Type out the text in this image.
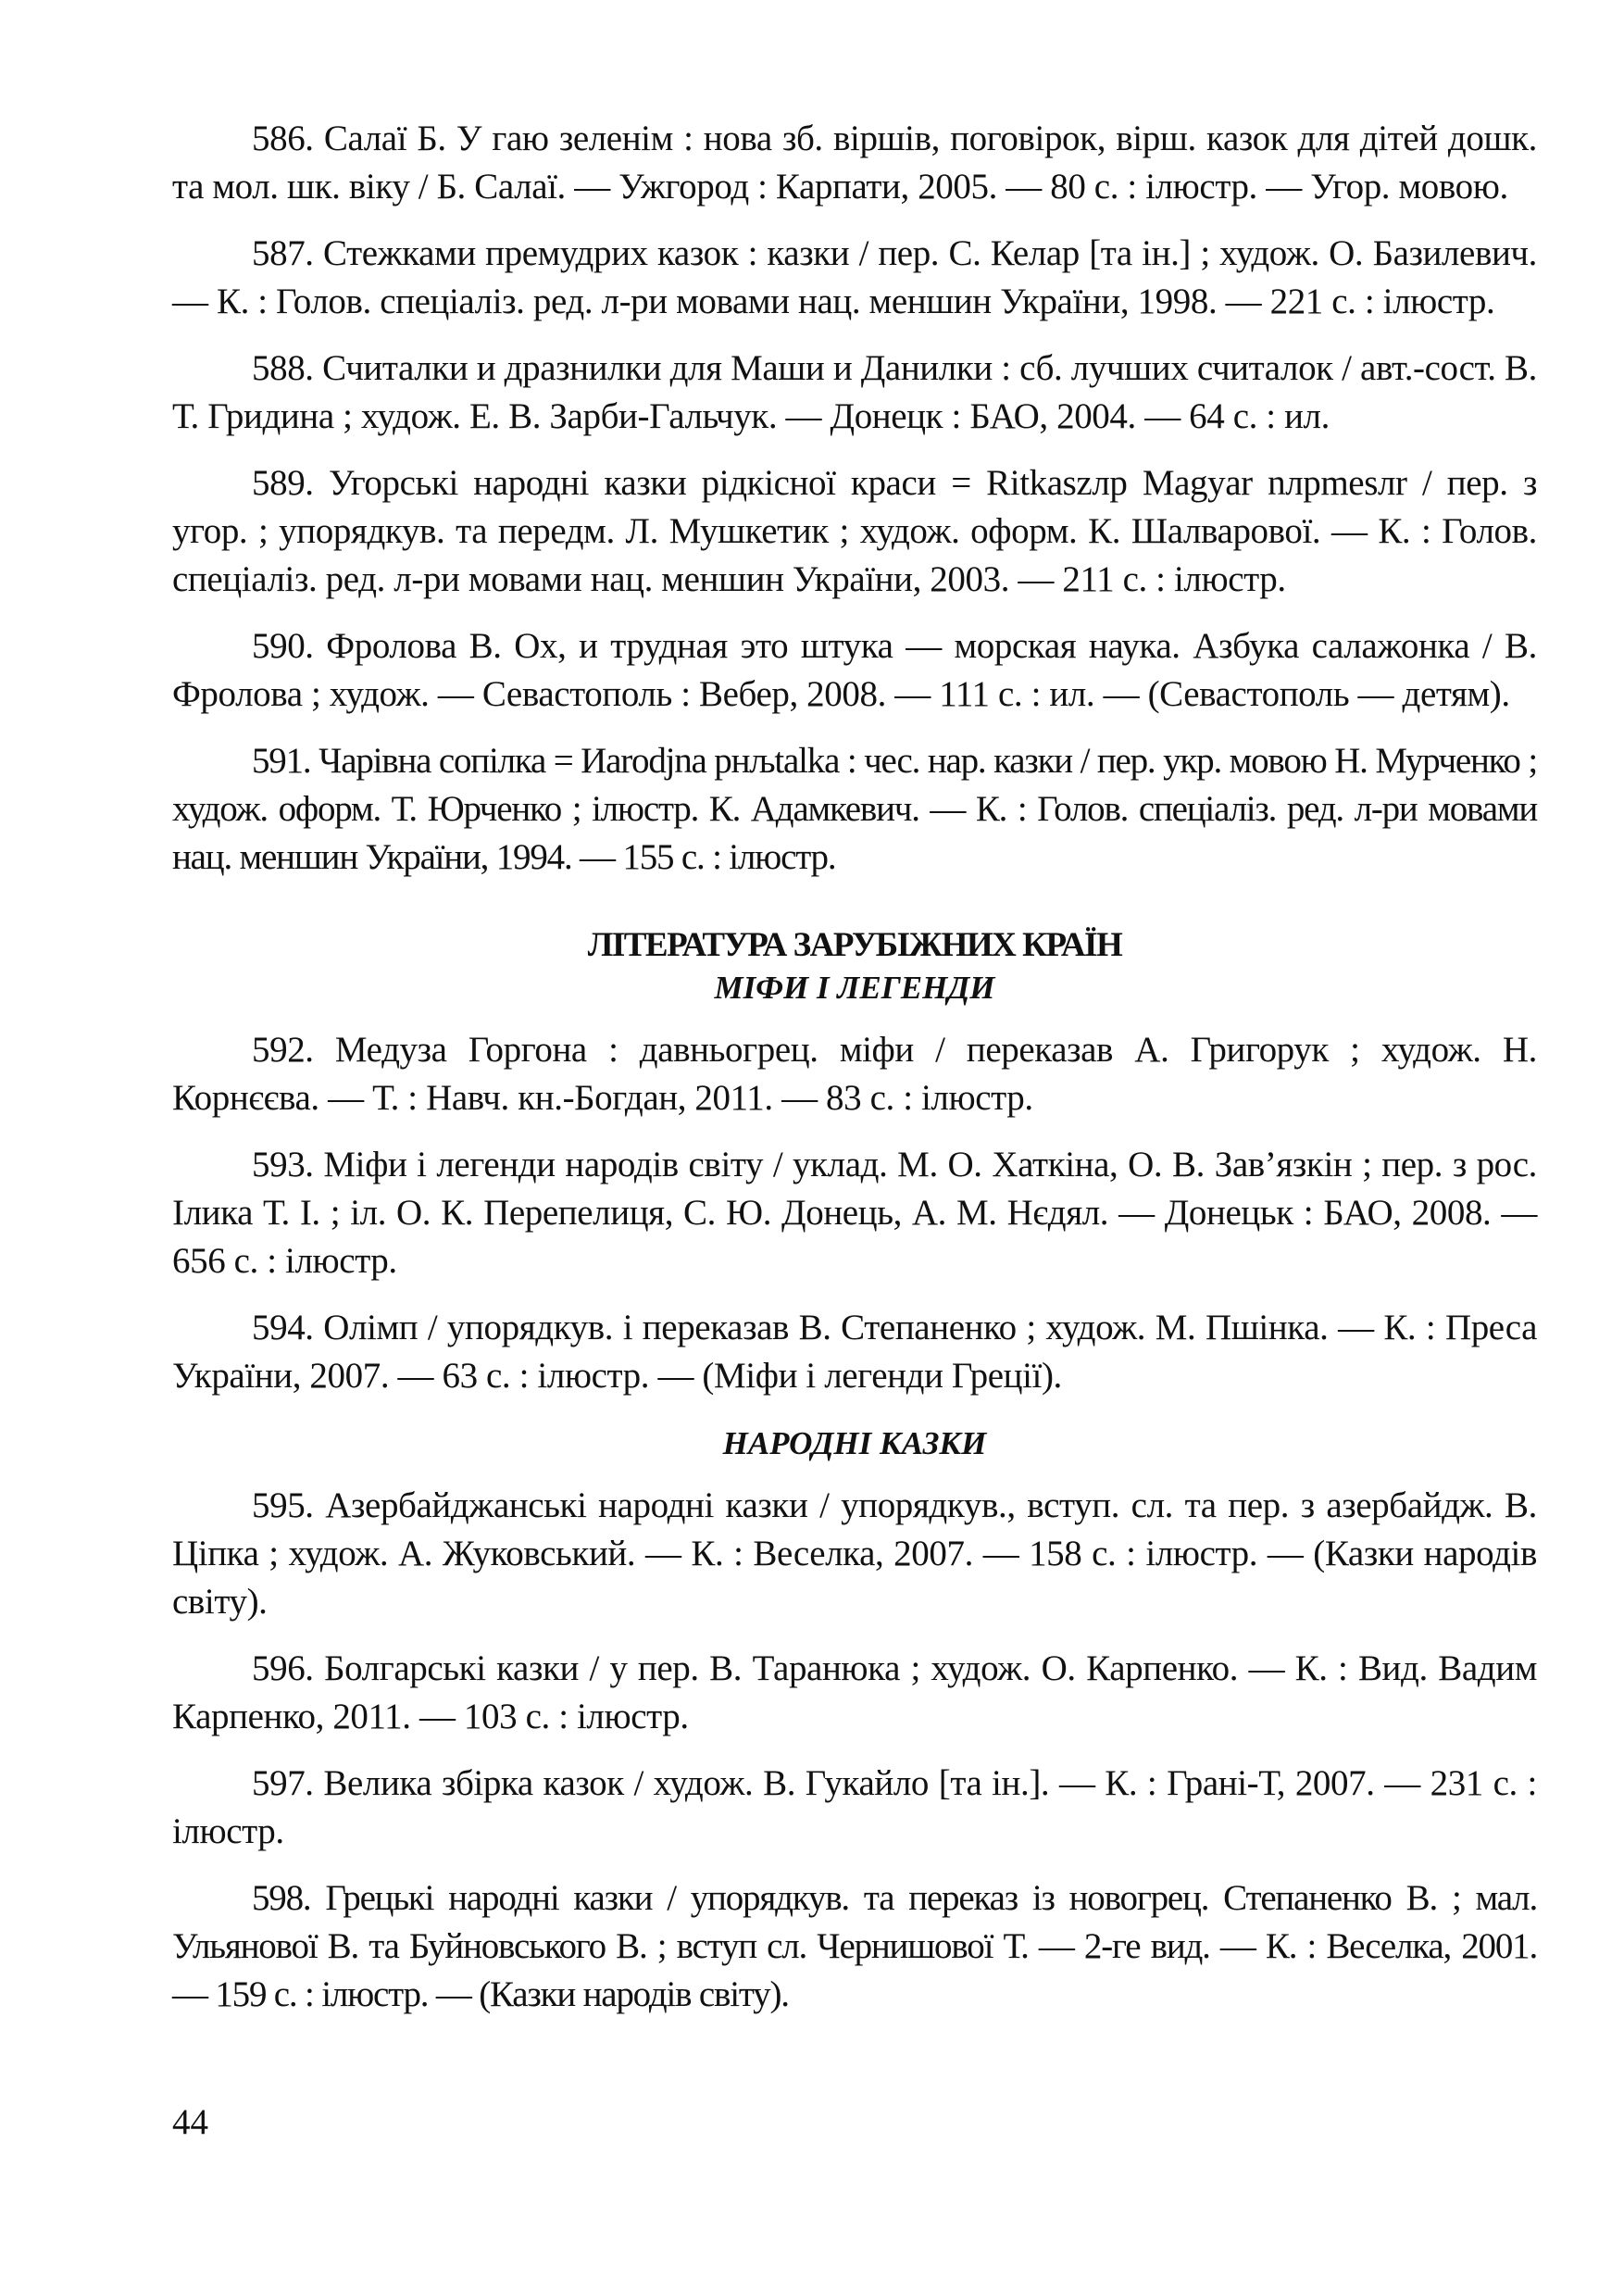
586. Салаї Б. У гаю зеленім : нова зб. віршів, поговірок, вірш. казок для дітей дошк. та мол. шк. віку / Б. Салаї. — Ужгород : Карпати, 2005. — 80 с. : ілюстр. — Угор. мовою.

587. Стежками премудрих казок : казки / пер. С. Келар [та ін.] ; худож. О. Базилевич. — К. : Голов. спеціаліз. ред. л-ри мовами нац. меншин України, 1998. — 221 с. : ілюстр.

588. Считалки и дразнилки для Маши и Данилки : сб. лучших считалок / авт.-сост. В. Т. Гридина ; худож. Е. В. Зарби-Гальчук. — Донецк : БАО, 2004. — 64 с. : ил.

589. Угорські народні казки рідкісної краси = Ritkaszлр Magyar nлрmesлr / пер. з угор. ; упорядкув. та передм. Л. Мушкетик ; худож. оформ. К. Шалварової. — К. : Голов. спеціаліз. ред. л-ри мовами нац. меншин України, 2003. — 211 с. : ілюстр.

590. Фролова В. Ох, и трудная это штука — морская наука. Азбука салажонка / В. Фролова ; худож. — Севастополь : Вебер, 2008. — 111 с. : ил. — (Севастополь — детям).

591. Чарівна сопілка = Иarodjna рнљtalka : чес. нар. казки / пер. укр. мовою Н. Мурченко ; худож. оформ. Т. Юрченко ; ілюстр. К. Адамкевич. — К. : Голов. спеціаліз. ред. л-ри мовами нац. меншин України, 1994. — 155 с. : ілюстр.

ЛІТЕРАТУРА ЗАРУБІЖНИХ КРАЇН
МІФИ І ЛЕГЕНДИ

592. Медуза Горгона : давньогрец. міфи / переказав А. Григорук ; худож. Н. Корнєєва. — Т. : Навч. кн.-Богдан, 2011. — 83 с. : ілюстр.

593. Міфи і легенди народів світу / уклад. М. О. Хаткіна, О. В. Зав’язкін ; пер. з рос. Ілика Т. І. ; іл. О. К. Перепелиця, С. Ю. Донець, А. М. Нєдял. — Донецьк : БАО, 2008. — 656 с. : ілюстр.

594. Олімп / упорядкув. і переказав В. Степаненко ; худож. М. Пшінка. — К. : Преса України, 2007. — 63 с. : ілюстр. — (Міфи і легенди Греції).

НАРОДНІ КАЗКИ

595. Азербайджанські народні казки / упорядкув., вступ. сл. та пер. з азербайдж. В. Ціпка ; худож. А. Жуковський. — К. : Веселка, 2007. — 158 с. : ілюстр. — (Казки народів світу).

596. Болгарські казки / у пер. В. Таранюка ; худож. О. Карпенко. — К. : Вид. Вадим Карпенко, 2011. — 103 с. : ілюстр.

597. Велика збірка казок / худож. В. Гукайло [та ін.]. — К. : Грані-Т, 2007. — 231 с. : ілюстр.

598. Грецькі народні казки / упорядкув. та переказ із новогрец. Степаненко В. ; мал. Ульянової В. та Буйновського В. ; вступ сл. Чернишової Т. — 2-ге вид. — К. : Веселка, 2001. — 159 с. : ілюстр. — (Казки народів світу).

44
